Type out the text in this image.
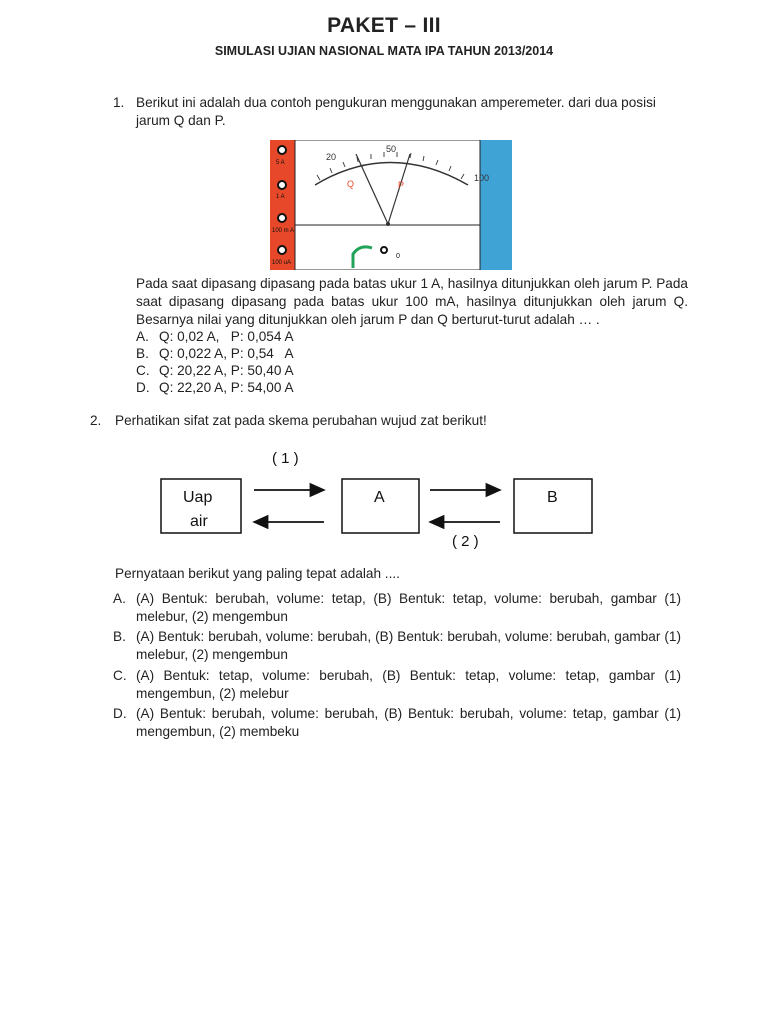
PAKET – III
SIMULASI UJIAN NASIONAL MATA IPA TAHUN 2013/2014
1. Berikut ini adalah dua contoh pengukuran menggunakan amperemeter. dari dua posisi jarum Q dan P.
5 A
1 A
100 m A
100 uA
20
50
100
Q	P
0
Pada saat dipasang dipasang pada batas ukur 1 A, hasilnya ditunjukkan oleh jarum P. Pada saat dipasang dipasang pada batas ukur 100 mA, hasilnya ditunjukkan oleh jarum Q. Besarnya nilai yang ditunjukkan oleh jarum P dan Q berturut-turut adalah … .
A. Q: 0,02 A,   P: 0,054 A
B. Q: 0,022 A, P: 0,54   A
C. Q: 20,22 A, P: 50,40 A
D. Q: 22,20 A, P: 54,00 A
2. Perhatikan sifat zat pada skema perubahan wujud zat berikut!
( 1 )
Uap
air
A	B
( 2 )
Pernyataan berikut yang paling tepat adalah ....
A. (A) Bentuk: berubah, volume: tetap, (B) Bentuk: tetap, volume: berubah, gambar (1) melebur, (2) mengembun
B. (A) Bentuk: berubah, volume: berubah, (B) Bentuk: berubah, volume: berubah, gambar (1) melebur, (2) mengembun
C. (A) Bentuk: tetap, volume: berubah, (B) Bentuk: tetap, volume: tetap, gambar (1) mengembun, (2) melebur
D. (A) Bentuk: berubah, volume: berubah, (B) Bentuk: berubah, volume: tetap, gambar (1) mengembun, (2) membeku
